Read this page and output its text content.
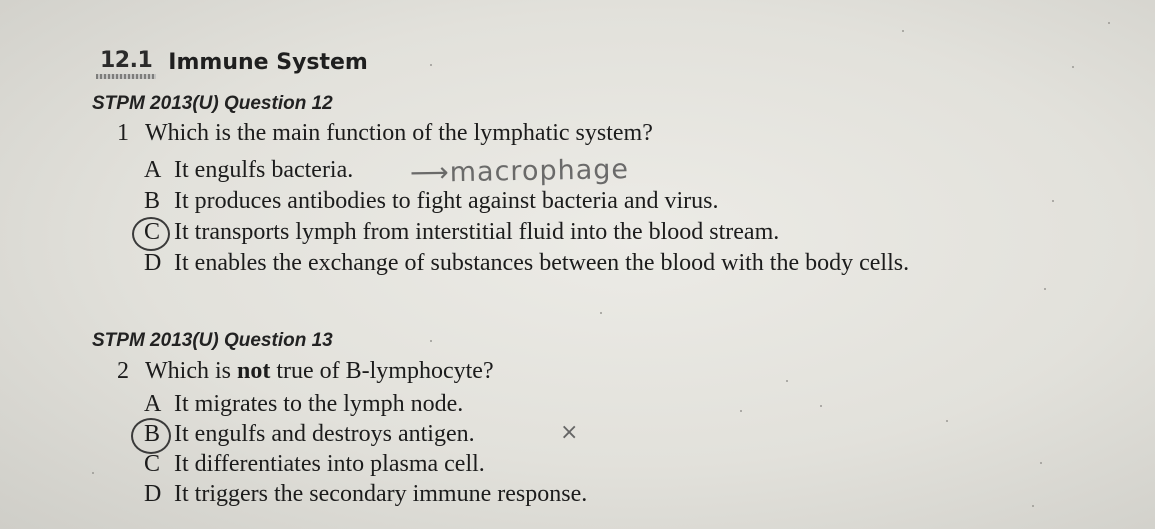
12.1 Immune System
STPM 2013(U) Question 12
1 Which is the main function of the lymphatic system?
A It engulfs bacteria. ⟶macrophage
B It produces antibodies to fight against bacteria and virus.
C It transports lymph from interstitial fluid into the blood stream.
D It enables the exchange of substances between the blood with the body cells.
STPM 2013(U) Question 13
2 Which is not true of B-lymphocyte?
A It migrates to the lymph node.
B It engulfs and destroys antigen.	×
C It differentiates into plasma cell.
D It triggers the secondary immune response.
